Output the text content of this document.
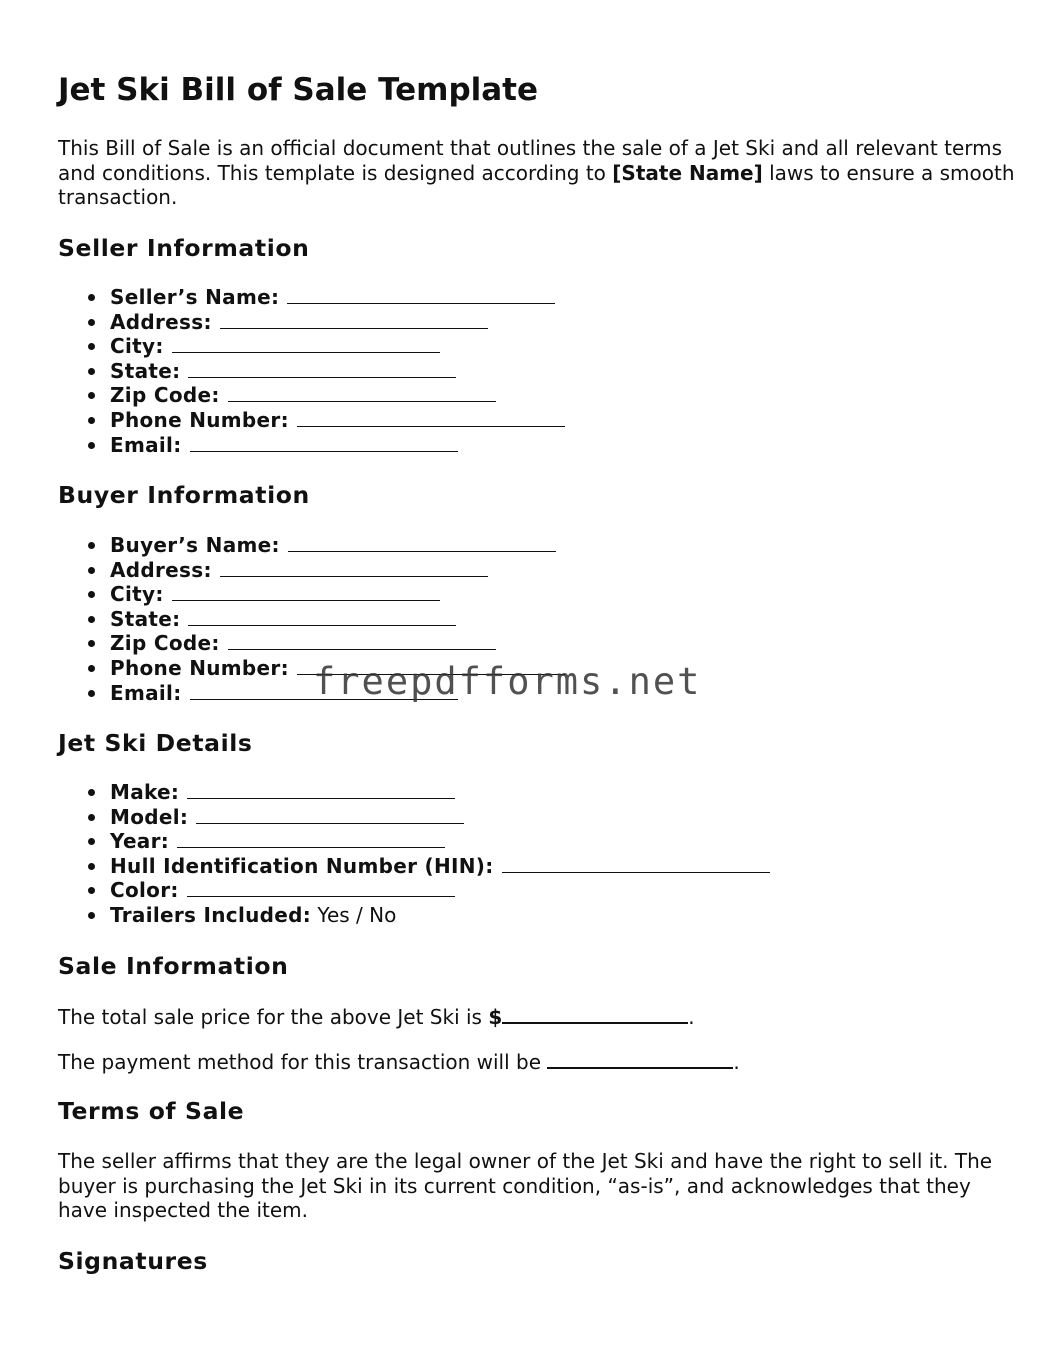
Jet Ski Bill of Sale Template

This Bill of Sale is an official document that outlines the sale of a Jet Ski and all relevant terms and conditions. This template is designed according to [State Name] laws to ensure a smooth transaction.

Seller Information
Seller’s Name:
Address:
City:
State:
Zip Code:
Phone Number:
Email:
Buyer Information
Buyer’s Name:
Address:
City:
State:
Zip Code:
Phone Number:
Email:
Jet Ski Details
Make:
Model:
Year:
Hull Identification Number (HIN):
Color:
Trailers Included: Yes / No
Sale Information

The total sale price for the above Jet Ski is $	.

The payment method for this transaction will be	.

Terms of Sale

The seller affirms that they are the legal owner of the Jet Ski and have the right to sell it. The buyer is purchasing the Jet Ski in its current condition, “as-is”, and acknowledges that they have inspected the item.

Signatures
freepdfforms.net
